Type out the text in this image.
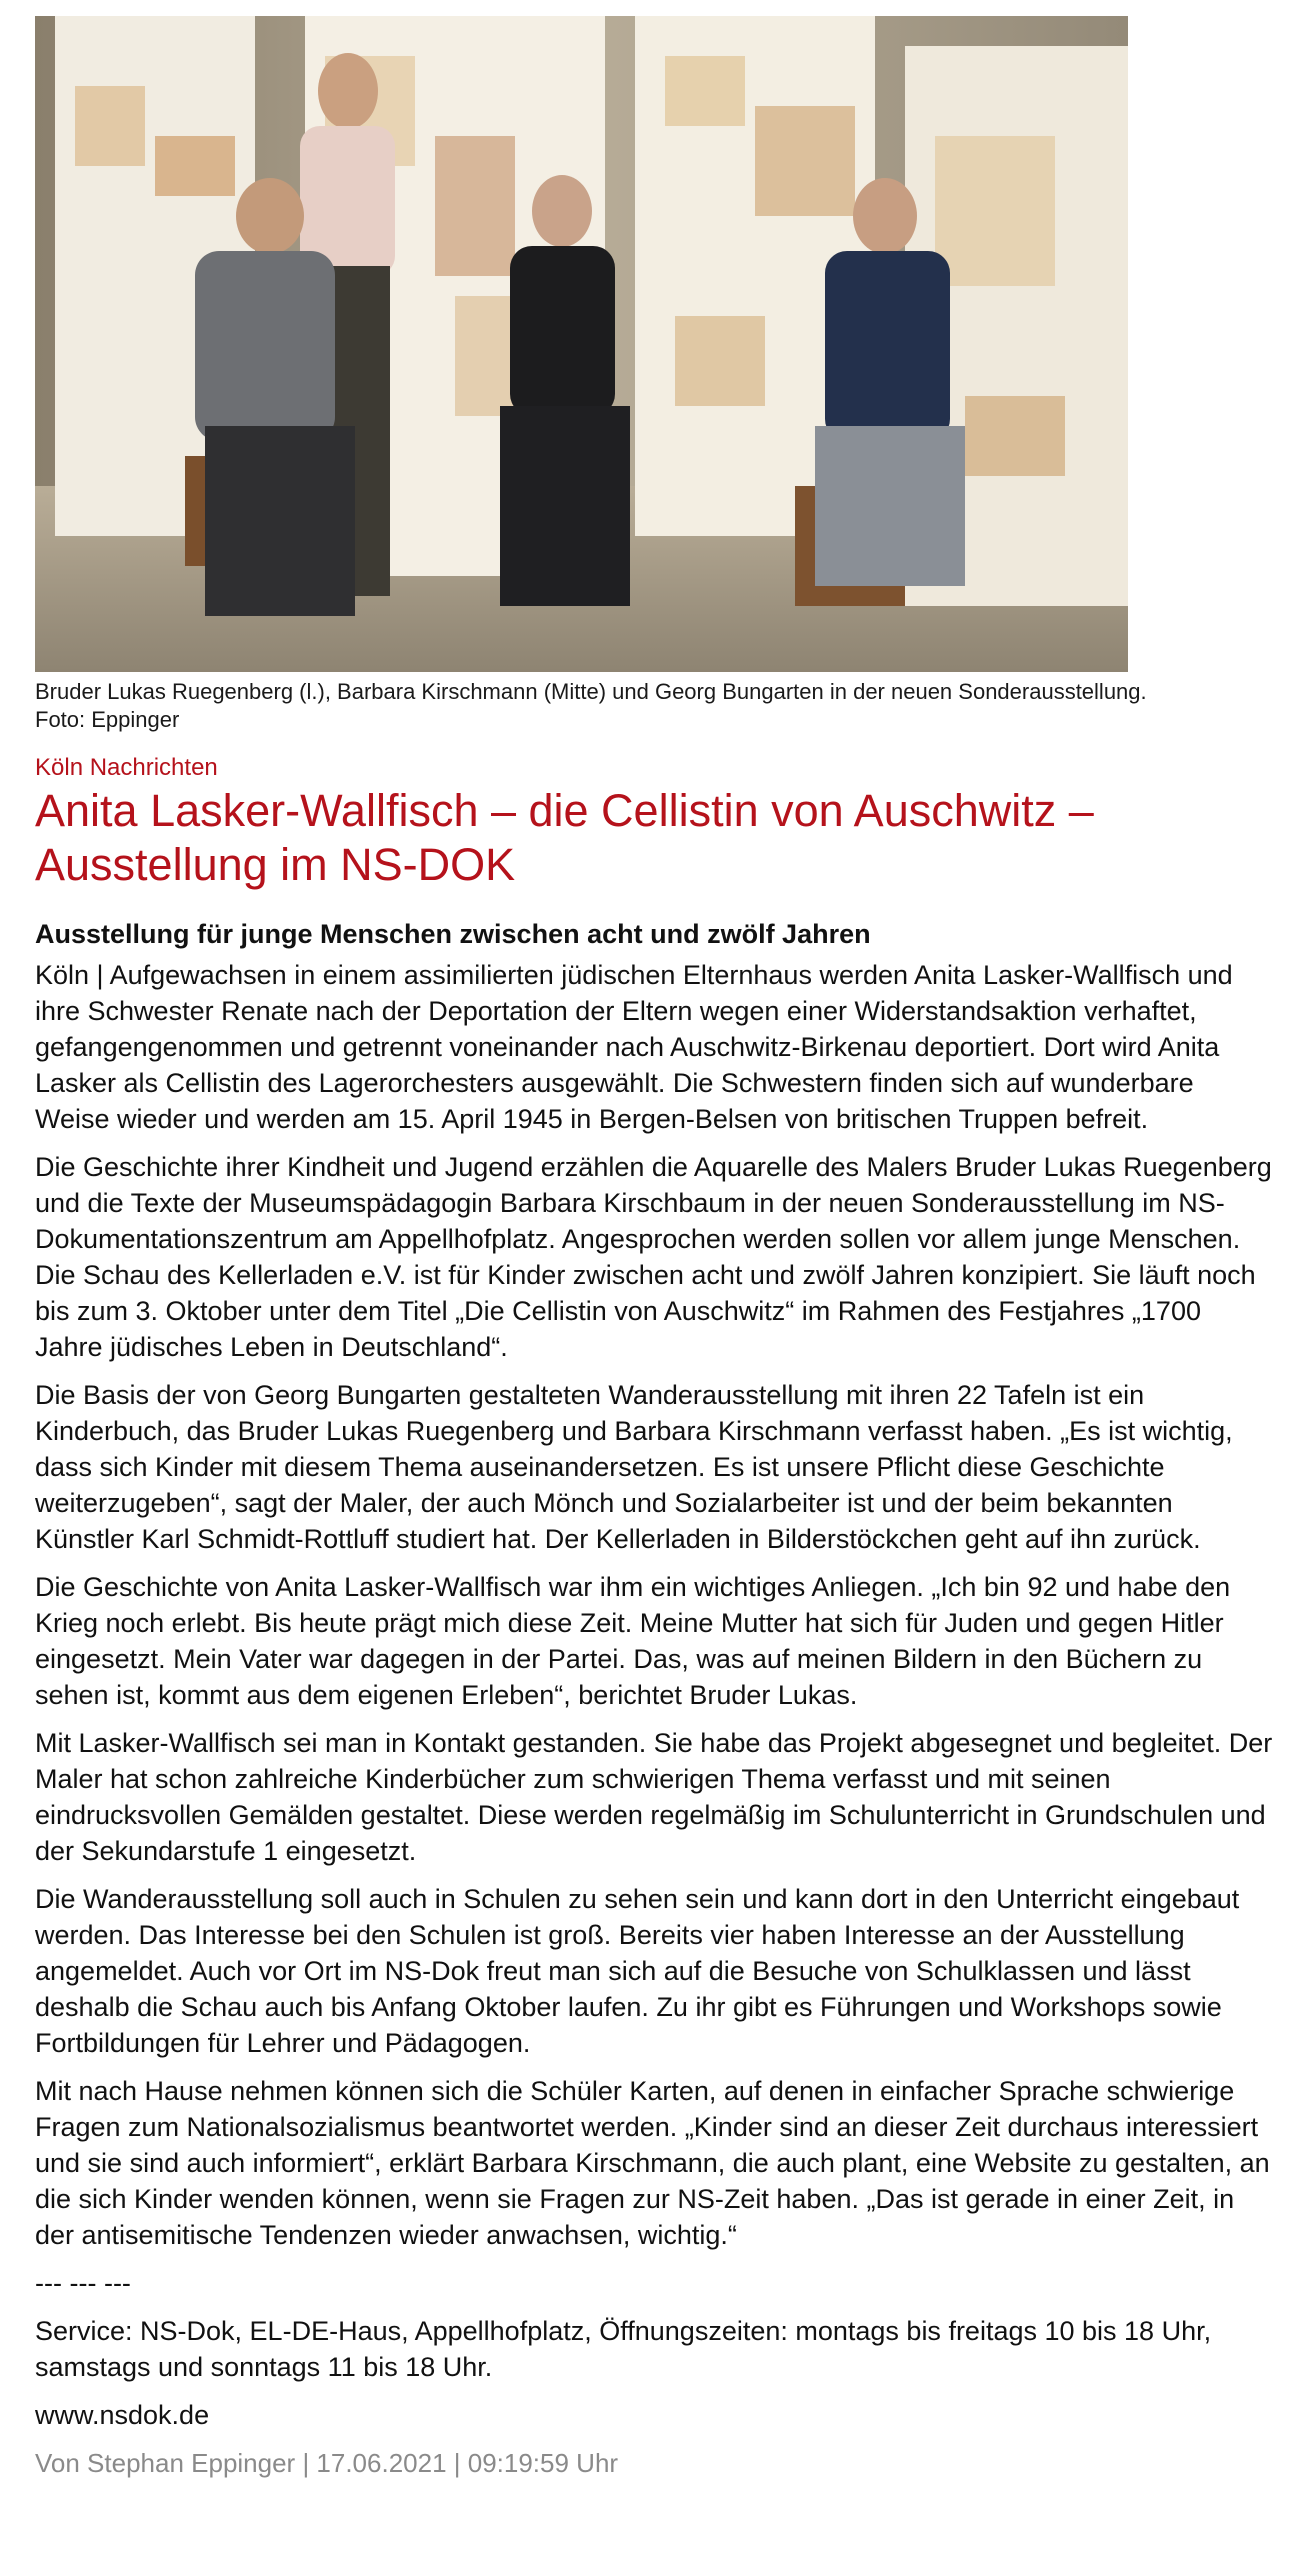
Bruder Lukas Ruegenberg (l.), Barbara Kirschmann (Mitte) und Georg Bungarten in der neuen Sonderausstellung.
Foto: Eppinger

Köln Nachrichten

Anita Lasker-Wallfisch – die Cellistin von Auschwitz – Ausstellung im NS-DOK

Ausstellung für junge Menschen zwischen acht und zwölf Jahren

Köln | Aufgewachsen in einem assimilierten jüdischen Elternhaus werden Anita Lasker-Wallfisch und ihre Schwester Renate nach der Deportation der Eltern wegen einer Widerstandsaktion verhaftet, gefangengenommen und getrennt voneinander nach Auschwitz-Birkenau deportiert. Dort wird Anita Lasker als Cellistin des Lagerorchesters ausgewählt. Die Schwestern finden sich auf wunderbare Weise wieder und werden am 15. April 1945 in Bergen-Belsen von britischen Truppen befreit.

Die Geschichte ihrer Kindheit und Jugend erzählen die Aquarelle des Malers Bruder Lukas Ruegenberg und die Texte der Museumspädagogin Barbara Kirschbaum in der neuen Sonderausstellung im NS-Dokumentationszentrum am Appellhofplatz. Angesprochen werden sollen vor allem junge Menschen. Die Schau des Kellerladen e.V. ist für Kinder zwischen acht und zwölf Jahren konzipiert. Sie läuft noch bis zum 3. Oktober unter dem Titel „Die Cellistin von Auschwitz“ im Rahmen des Festjahres „1700 Jahre jüdisches Leben in Deutschland“.

Die Basis der von Georg Bungarten gestalteten Wanderausstellung mit ihren 22 Tafeln ist ein Kinderbuch, das Bruder Lukas Ruegenberg und Barbara Kirschmann verfasst haben. „Es ist wichtig, dass sich Kinder mit diesem Thema auseinandersetzen. Es ist unsere Pflicht diese Geschichte weiterzugeben“, sagt der Maler, der auch Mönch und Sozialarbeiter ist und der beim bekannten Künstler Karl Schmidt-Rottluff studiert hat. Der Kellerladen in Bilderstöckchen geht auf ihn zurück.

Die Geschichte von Anita Lasker-Wallfisch war ihm ein wichtiges Anliegen. „Ich bin 92 und habe den Krieg noch erlebt. Bis heute prägt mich diese Zeit. Meine Mutter hat sich für Juden und gegen Hitler eingesetzt. Mein Vater war dagegen in der Partei. Das, was auf meinen Bildern in den Büchern zu sehen ist, kommt aus dem eigenen Erleben“, berichtet Bruder Lukas.

Mit Lasker-Wallfisch sei man in Kontakt gestanden. Sie habe das Projekt abgesegnet und begleitet. Der Maler hat schon zahlreiche Kinderbücher zum schwierigen Thema verfasst und mit seinen eindrucksvollen Gemälden gestaltet. Diese werden regelmäßig im Schulunterricht in Grundschulen und der Sekundarstufe 1 eingesetzt.

Die Wanderausstellung soll auch in Schulen zu sehen sein und kann dort in den Unterricht eingebaut werden. Das Interesse bei den Schulen ist groß. Bereits vier haben Interesse an der Ausstellung angemeldet. Auch vor Ort im NS-Dok freut man sich auf die Besuche von Schulklassen und lässt deshalb die Schau auch bis Anfang Oktober laufen. Zu ihr gibt es Führungen und Workshops sowie Fortbildungen für Lehrer und Pädagogen.

Mit nach Hause nehmen können sich die Schüler Karten, auf denen in einfacher Sprache schwierige Fragen zum Nationalsozialismus beantwortet werden. „Kinder sind an dieser Zeit durchaus interessiert und sie sind auch informiert“, erklärt Barbara Kirschmann, die auch plant, eine Website zu gestalten, an die sich Kinder wenden können, wenn sie Fragen zur NS-Zeit haben. „Das ist gerade in einer Zeit, in der antisemitische Tendenzen wieder anwachsen, wichtig.“

--- --- ---

Service: NS-Dok, EL-DE-Haus, Appellhofplatz, Öffnungszeiten: montags bis freitags 10 bis 18 Uhr, samstags und sonntags 11 bis 18 Uhr.

www.nsdok.de

Von Stephan Eppinger | 17.06.2021 | 09:19:59 Uhr
